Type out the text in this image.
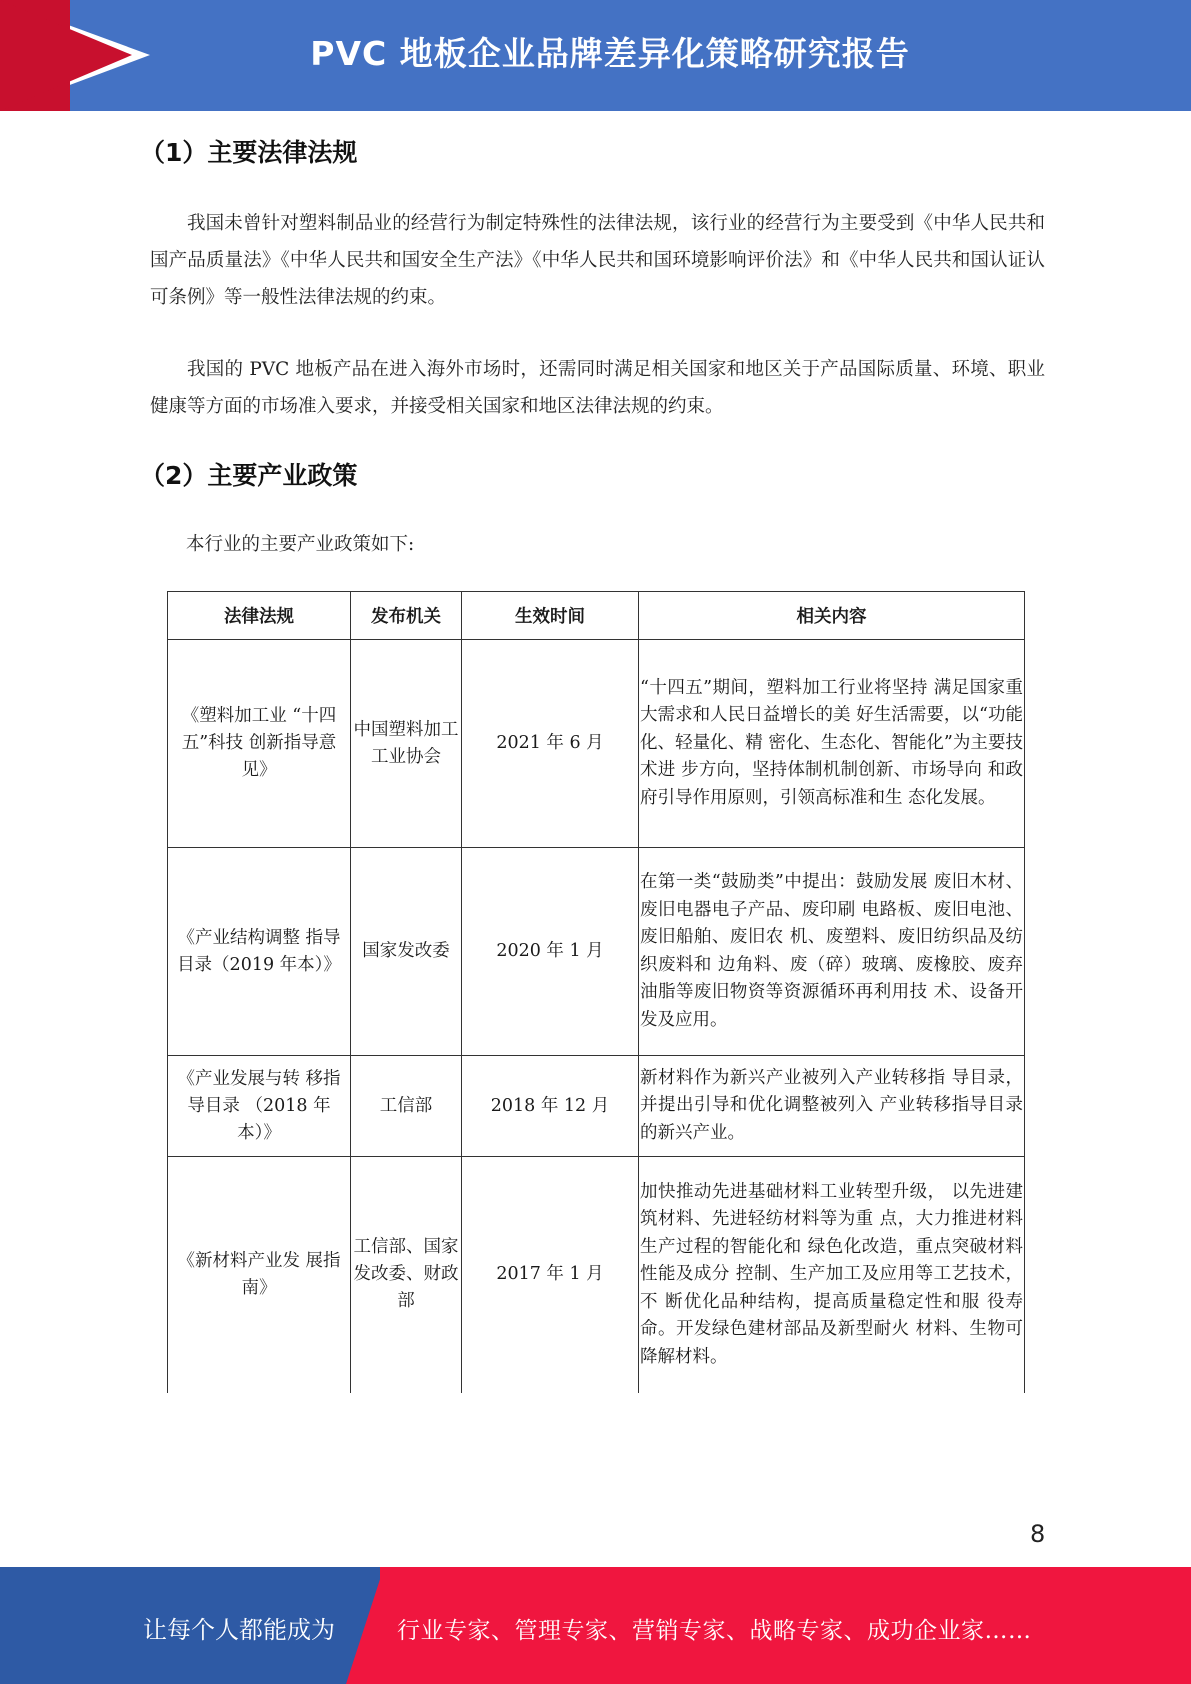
PVC 地板企业品牌差异化策略研究报告
（1）主要法律法规
我国未曾针对塑料制品业的经营行为制定特殊性的法律法规，该行业的经营行为主要受到《中华人民共和国产品质量法》《中华人民共和国安全生产法》《中华人民共和国环境影响评价法》和《中华人民共和国认证认可条例》等一般性法律法规的约束。
我国的 PVC 地板产品在进入海外市场时，还需同时满足相关国家和地区关于产品国际质量、环境、职业健康等方面的市场准入要求，并接受相关国家和地区法律法规的约束。
（2）主要产业政策
本行业的主要产业政策如下:
法律法规	发布机关	生效时间	相关内容
《塑料加工业 “十四五”科技 创新指导意见》	中国塑料加工工业协会	2021 年 6 月	“十四五”期间，塑料加工行业将坚持 满足国家重大需求和人民日益增长的美 好生活需要，以“功能化、轻量化、精 密化、生态化、智能化”为主要技术进 步方向，坚持体制机制创新、市场导向 和政府引导作用原则，引领高标准和生 态化发展。
《产业结构调整 指导目录（2019 年本）》	国家发改委	2020 年 1 月	在第一类“鼓励类”中提出：鼓励发展 废旧木材、废旧电器电子产品、废印刷 电路板、废旧电池、废旧船舶、废旧农 机、废塑料、废旧纺织品及纺织废料和 边角料、废（碎）玻璃、废橡胶、废弃 油脂等废旧物资等资源循环再利用技 术、设备开发及应用。
《产业发展与转 移指导目录 （2018 年本）》	工信部	2018 年 12 月	新材料作为新兴产业被列入产业转移指 导目录，并提出引导和优化调整被列入 产业转移指导目录的新兴产业。
《新材料产业发 展指南》	工信部、国家发改委、财政部	2017 年 1 月	加快推动先进基础材料工业转型升级， 以先进建筑材料、先进轻纺材料等为重 点，大力推进材料生产过程的智能化和 绿色化改造，重点突破材料性能及成分 控制、生产加工及应用等工艺技术，不 断优化品种结构，提高质量稳定性和服 役寿命。开发绿色建材部品及新型耐火 材料、生物可降解材料。
8
让每个人都能成为	行业专家、管理专家、营销专家、战略专家、成功企业家……
